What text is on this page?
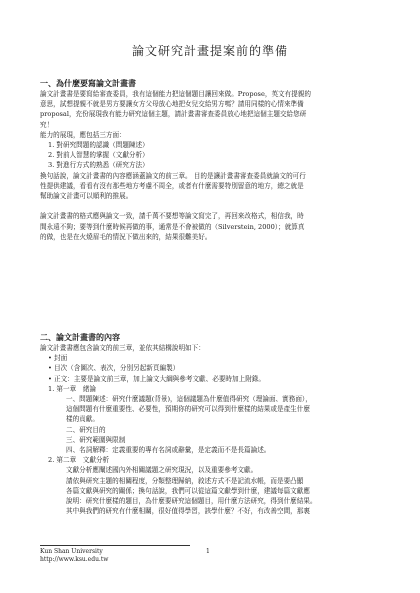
論文研究計畫提案前的準備
一、為什麼要寫論文計畫書
論文計畫書是要寫給審查委員，我有這個能力把這個題目讓回來做。Propose，英文有提親的
意思，試想提親不就是男方要讓女方父母放心地把女兒交給男方嗎？請用同樣的心情來準備
proposal，充份展現我有能力研究這個主題，請計畫書審查委員放心地把這個主題交給您研
究！
能力的展現，應包括三方面：
1. 對研究問題的認識（問題陳述）
2. 對前人智慧的掌握（文獻分析）
3. 對進行方式的熟悉（研究方法）
換句話說，論文計畫書的內容應涵蓋論文的前三章。 目的是讓計畫書審查委員就論文的可行
性提供建議，看看有沒有那些地方考慮不周全，或者有什麼需要特別留意的地方，總之就是
幫助論文計畫可以順利的推展。
論文計畫書的格式應與論文一致，請千萬不要想等論文寫完了，再回來改格式，相信我，時
間永遠不夠；要等到什麼時候再做的事，通常是不會被做的（Silverstein, 2000）；就算真
的做，也是在火燒眉毛的情況下做出來的，結果很難美好。
二、論文計畫書的內容
論文計畫書應包含論文的前三章，並依其結構說明如下：
• 封面
• 目次（含圖次、表次，分別另起新頁編製）
• 正文：主要是論文前三章，加上論文大綱與參考文獻、必要時加上附錄。
1. 第一章　緒論
一、問題陳述：研究什麼議題(背景)，這個議題為什麼值得研究（理論面、實務面），
這個問題有什麼重要性、必要性，預期你的研究可以得到什麼樣的結果或是產生什麼
樣的貢獻。
二、研究目的
三、研究範圍與限制
四、名詞解釋：定義重要的專有名詞或辭彙，是定義而不是長篇論述。
2. 第二章　文獻分析
文獻分析應闡述國內外相關議題之研究現況，以及重要參考文獻。
請依與研究主題的相關程度，分類整理歸納，敘述方式不是記流水帳，而是要凸顯
各篇文獻與研究的關係；換句話說，我們可以從這篇文獻學到什麼，建議每篇文獻應
說明：研究什麼樣的題目，為什麼要研究這個題目，用什麼方法研究，得到什麼結果。
其中與我們的研究有什麼相關，很好值得學習，該學什麼？不好，有改善空間，那裏
Kun Shan University
http://www.ksu.edu.tw
1
